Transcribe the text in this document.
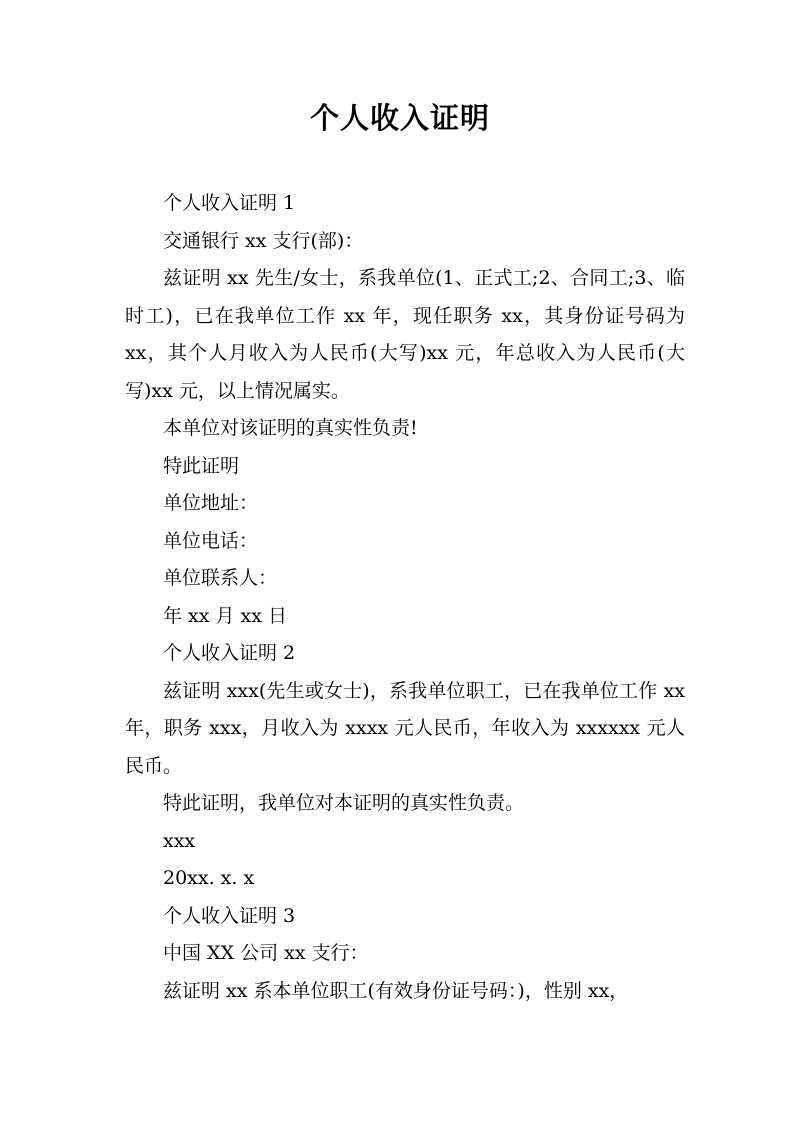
个人收入证明

个人收入证明 1

交通银行 xx 支行(部)：

兹证明 xx 先生/女士，系我单位(1、正式工;2、合同工;3、临时工)，已在我单位工作 xx 年，现任职务 xx，其身份证号码为 xx，其个人月收入为人民币(大写)xx 元，年总收入为人民币(大写)xx 元，以上情况属实。

本单位对该证明的真实性负责!

特此证明

单位地址：

单位电话：

单位联系人：

年 xx 月 xx 日

个人收入证明 2

兹证明 xxx(先生或女士)，系我单位职工，已在我单位工作 xx 年，职务 xxx，月收入为 xxxx 元人民币，年收入为 xxxxxx 元人民币。

特此证明，我单位对本证明的真实性负责。

xxx

20xx. x. x

个人收入证明 3

中国 XX 公司 xx 支行：

兹证明 xx 系本单位职工(有效身份证号码：)，性别 xx，
